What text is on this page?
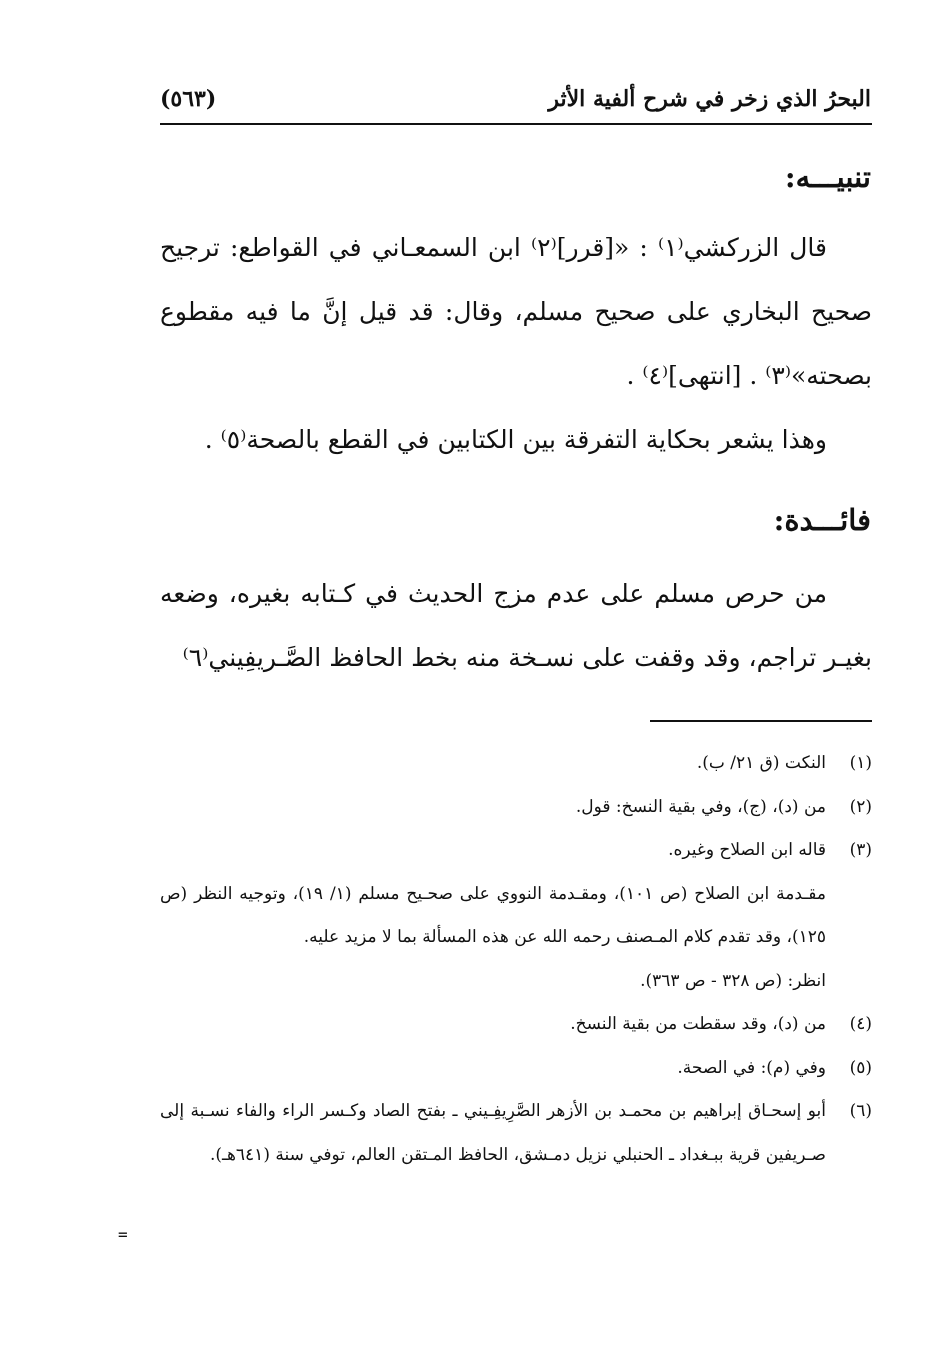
البحرُ الذي زخر في شرح ألفية الأثر
(٥٦٣)
تنبيـــه:

قال الزركشي⁽١⁾ : «[قرر]⁽٢⁾ ابن السمعـاني في القواطع: ترجيح صحيح البخاري على صحيح مسلم، وقال: قد قيل إنَّ ما فيه مقطوع بصحته»⁽٣⁾ . [انتهى]⁽٤⁾ .

وهذا يشعر بحكاية التفرقة بين الكتابين في القطع بالصحة⁽٥⁾ .

فائـــدة:

من حرص مسلم على عدم مزج الحديث في كـتابه بغيره، وضعه بغيـر تراجم، وقد وقفت على نسـخة منه بخط الحافظ الصَّـريفِيني⁽٦⁾

(١)
النكت (ق ٢١/ ب).
(٢)
من (د)، (ج)، وفي بقية النسخ: قول.
(٣)
قاله ابن الصلاح وغيره.
مقـدمة ابن الصلاح (ص ١٠١)، ومقـدمة النووي على صحـيح مسلم (١/ ١٩)، وتوجيه النظر (ص ١٢٥)، وقد تقدم كلام المـصنف رحمه الله عن هذه المسألة بما لا مزيد عليه.
انظر: (ص ٣٢٨ - ص ٣٦٣).
(٤)
من (د)، وقد سقطت من بقية النسخ.
(٥)
وفي (م): في الصحة.
(٦)
أبو إسحـاق إبراهيم بن محمـد بن الأزهر الصَّرِيفِـيني ـ بفتح الصاد وكـسر الراء والفاء نسـبة إلى صـريفين قرية ببـغداد ـ الحنبلي نزيل دمـشق، الحافظ المـتقن العالم، توفي سنة (٦٤١هـ).
=
